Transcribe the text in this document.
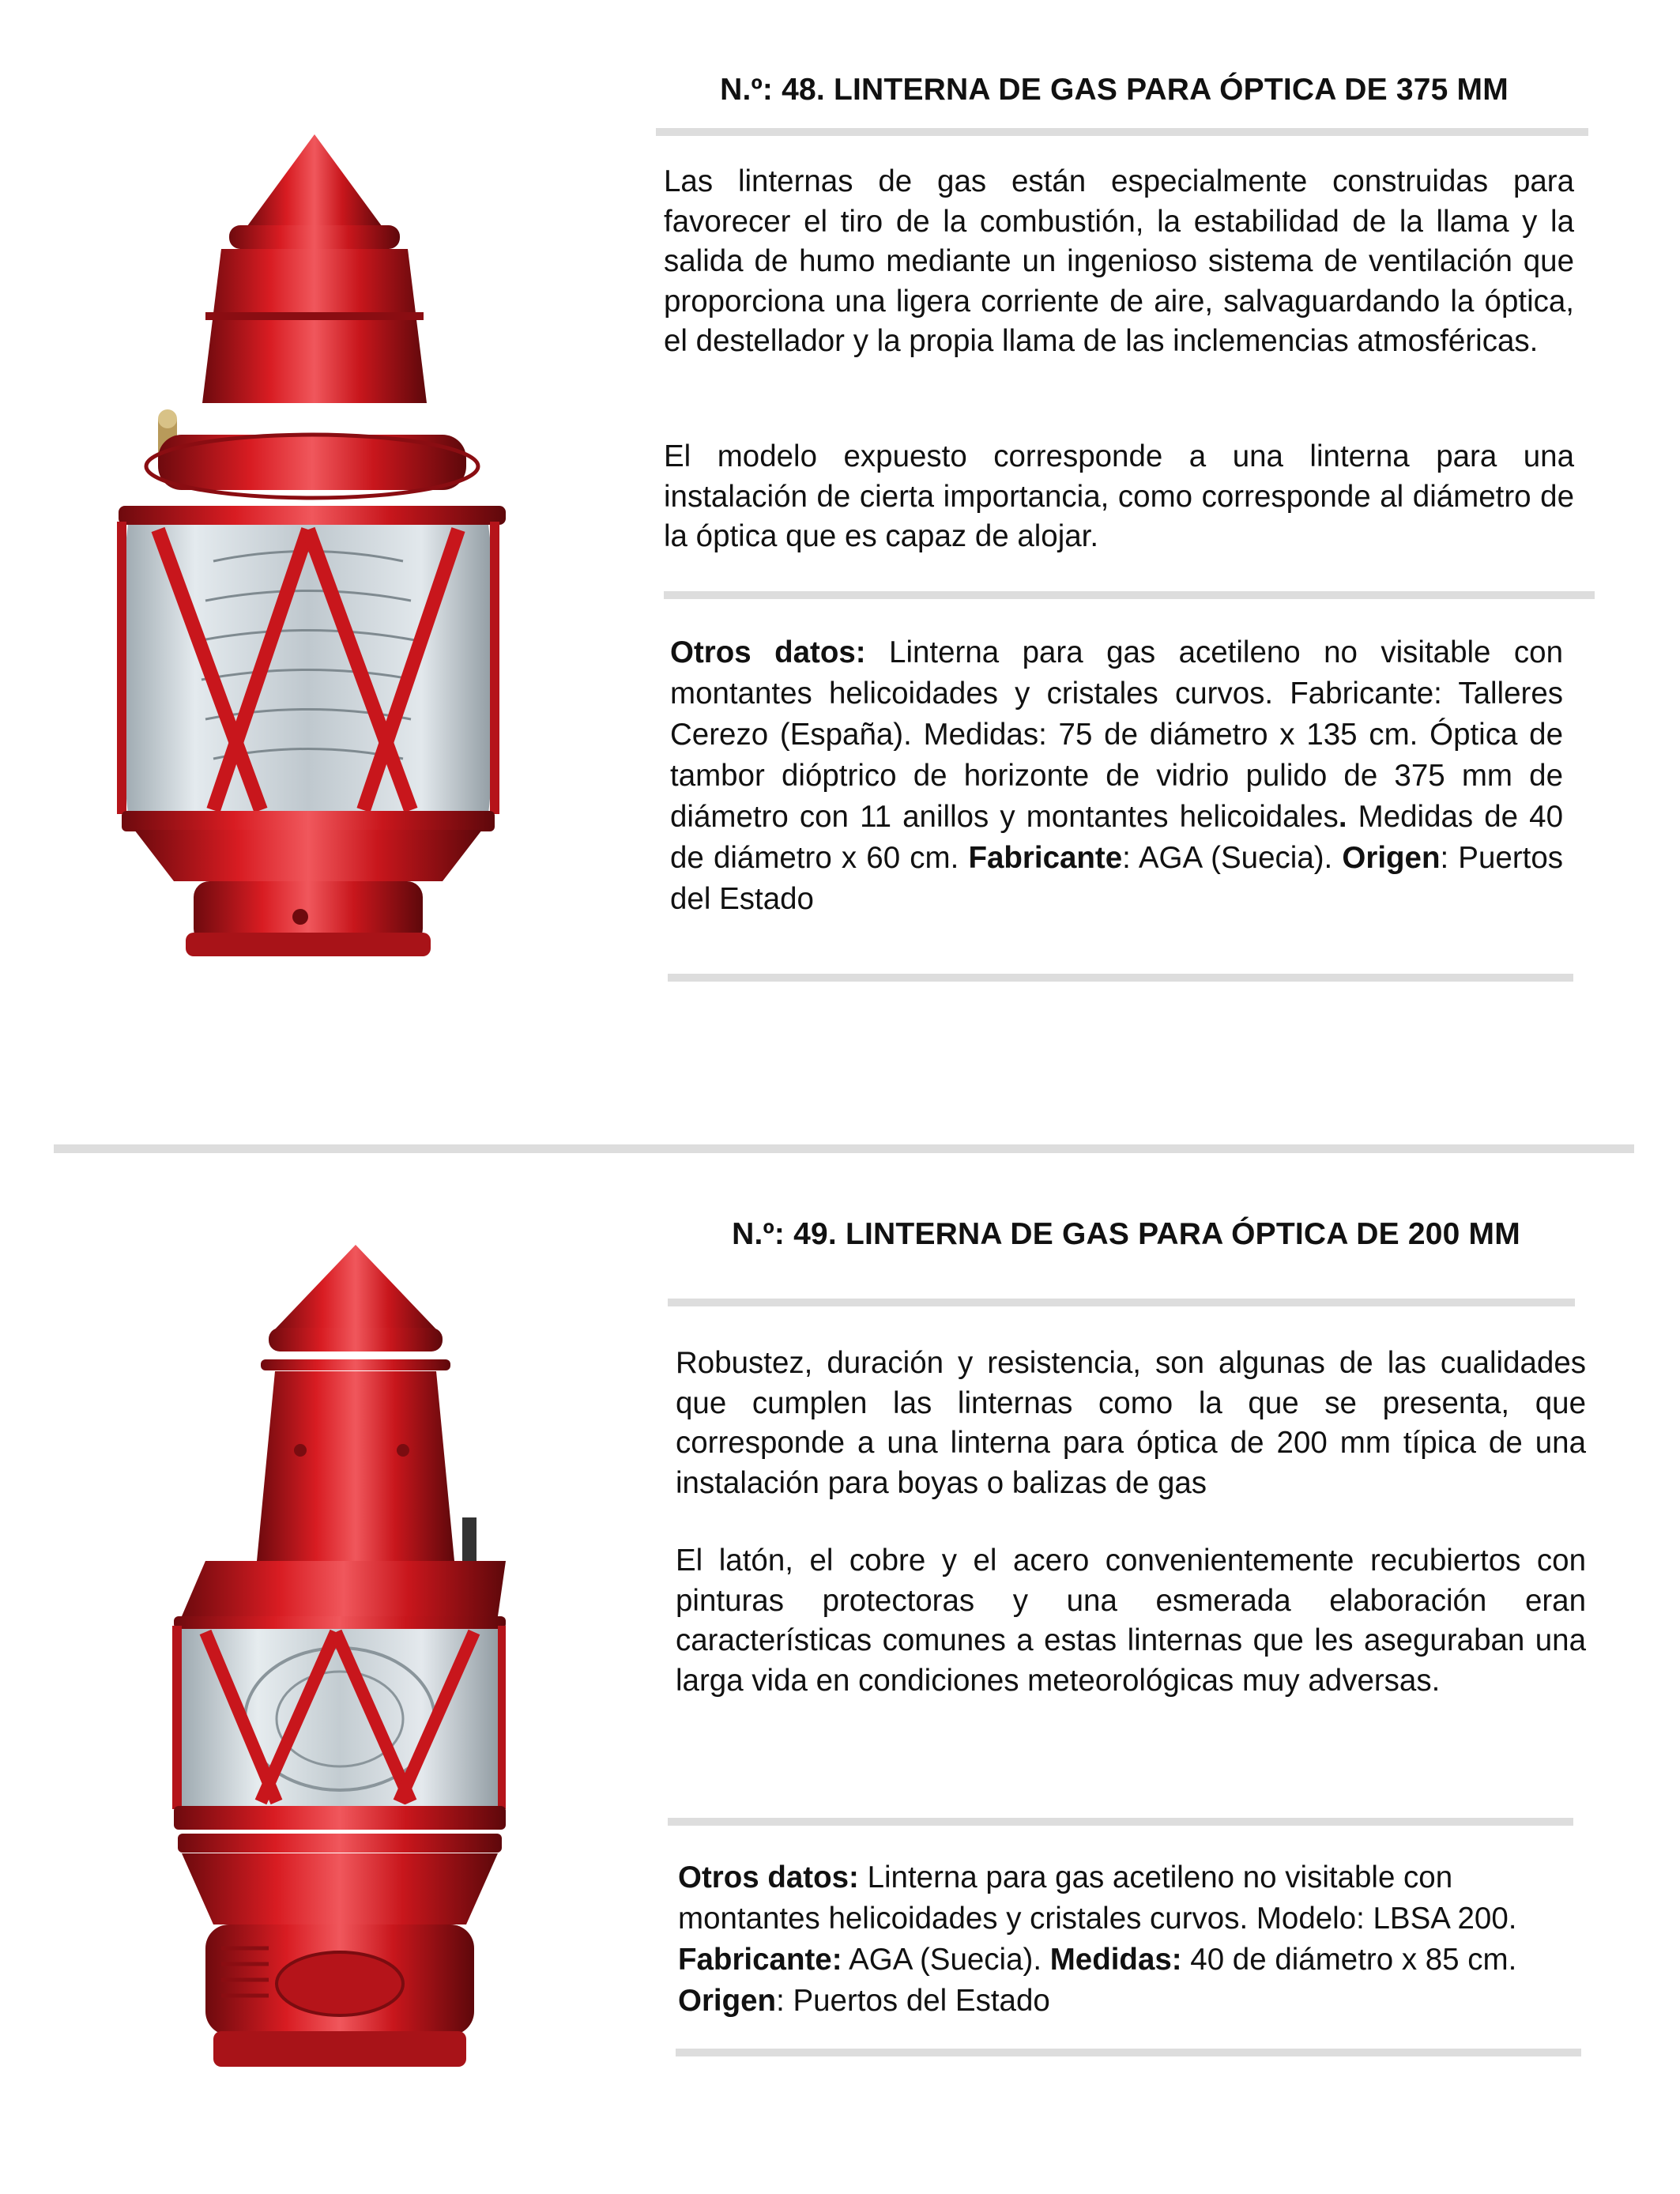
N.º: 48. LINTERNA DE GAS PARA ÓPTICA DE 375 MM

Las linternas de gas están especialmente construidas para favorecer el tiro de la combustión, la estabilidad de la llama y la salida de humo mediante un ingenioso sistema de ventilación que proporciona una ligera corriente de aire, salvaguardando la óptica, el destellador y la propia llama de las inclemencias atmosféricas.

El modelo expuesto corresponde a una linterna para una instalación de cierta importancia, como corresponde al diámetro de la óptica que es capaz de alojar.

Otros datos: Linterna para gas acetileno no visitable con montantes helicoidades y cristales curvos. Fabricante: Talleres Cerezo (España). Medidas: 75 de diámetro x 135 cm. Óptica de tambor dióptrico de horizonte de vidrio pulido de 375 mm de diámetro con 11 anillos y montantes helicoidales. Medidas de 40 de diámetro x 60 cm. Fabricante: AGA (Suecia). Origen: Puertos del Estado

N.º: 49. LINTERNA DE GAS PARA ÓPTICA DE 200 MM

Robustez, duración y resistencia, son algunas de las cualidades que cumplen las linternas como la que se presenta, que corresponde a una linterna para óptica de 200 mm típica de una instalación para boyas o balizas de gas

El latón, el cobre y el acero convenientemente recubiertos con pinturas protectoras y una esmerada elaboración eran características comunes a estas linternas que les aseguraban una larga vida en condiciones meteorológicas muy adversas.

Otros datos: Linterna para gas acetileno no visitable con montantes helicoidades y cristales curvos. Modelo: LBSA 200. Fabricante: AGA (Suecia). Medidas: 40 de diámetro x 85 cm. Origen: Puertos del Estado
